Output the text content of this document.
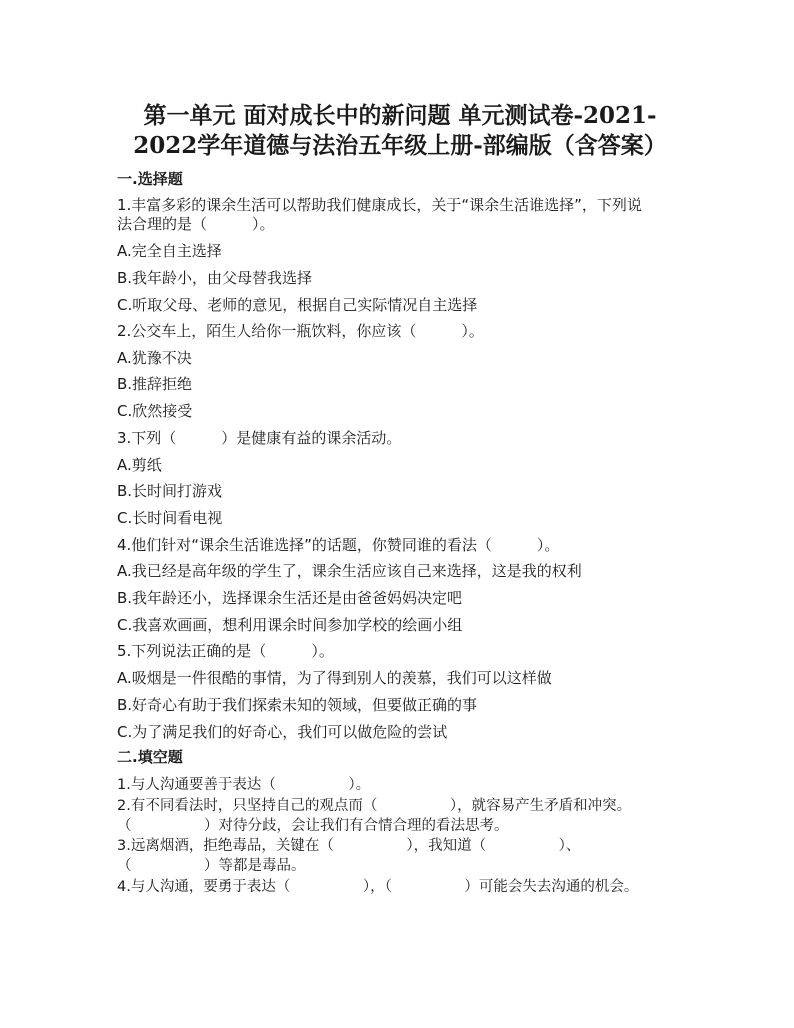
第一单元 面对成长中的新问题 单元测试卷-2021-
2022学年道德与法治五年级上册-部编版（含答案）
一.选择题

1.丰富多彩的课余生活可以帮助我们健康成长，关于“课余生活谁选择”，下列说

法合理的是（　　　）。

A.完全自主选择

B.我年龄小，由父母替我选择

C.听取父母、老师的意见，根据自己实际情况自主选择

2.公交车上，陌生人给你一瓶饮料，你应该（　　　）。

A.犹豫不决

B.推辞拒绝

C.欣然接受

3.下列（　　　）是健康有益的课余活动。

A.剪纸

B.长时间打游戏

C.长时间看电视

4.他们针对“课余生活谁选择”的话题，你赞同谁的看法（　　　）。

A.我已经是高年级的学生了，课余生活应该自己来选择，这是我的权利

B.我年龄还小，选择课余生活还是由爸爸妈妈决定吧

C.我喜欢画画，想利用课余时间参加学校的绘画小组

5.下列说法正确的是（　　　）。

A.吸烟是一件很酷的事情，为了得到别人的羡慕，我们可以这样做

B.好奇心有助于我们探索未知的领域，但要做正确的事

C.为了满足我们的好奇心，我们可以做危险的尝试

二.填空题

1.与人沟通要善于表达（　　　　　）。

2.有不同看法时，只坚持自己的观点而（　　　　　），就容易产生矛盾和冲突。

（　　　　　）对待分歧，会让我们有合情合理的看法思考。

3.远离烟酒，拒绝毒品，关键在（　　　　　），我知道（　　　　　）、

（　　　　　）等都是毒品。

4.与人沟通，要勇于表达（　　　　　），（　　　　　）可能会失去沟通的机会。
